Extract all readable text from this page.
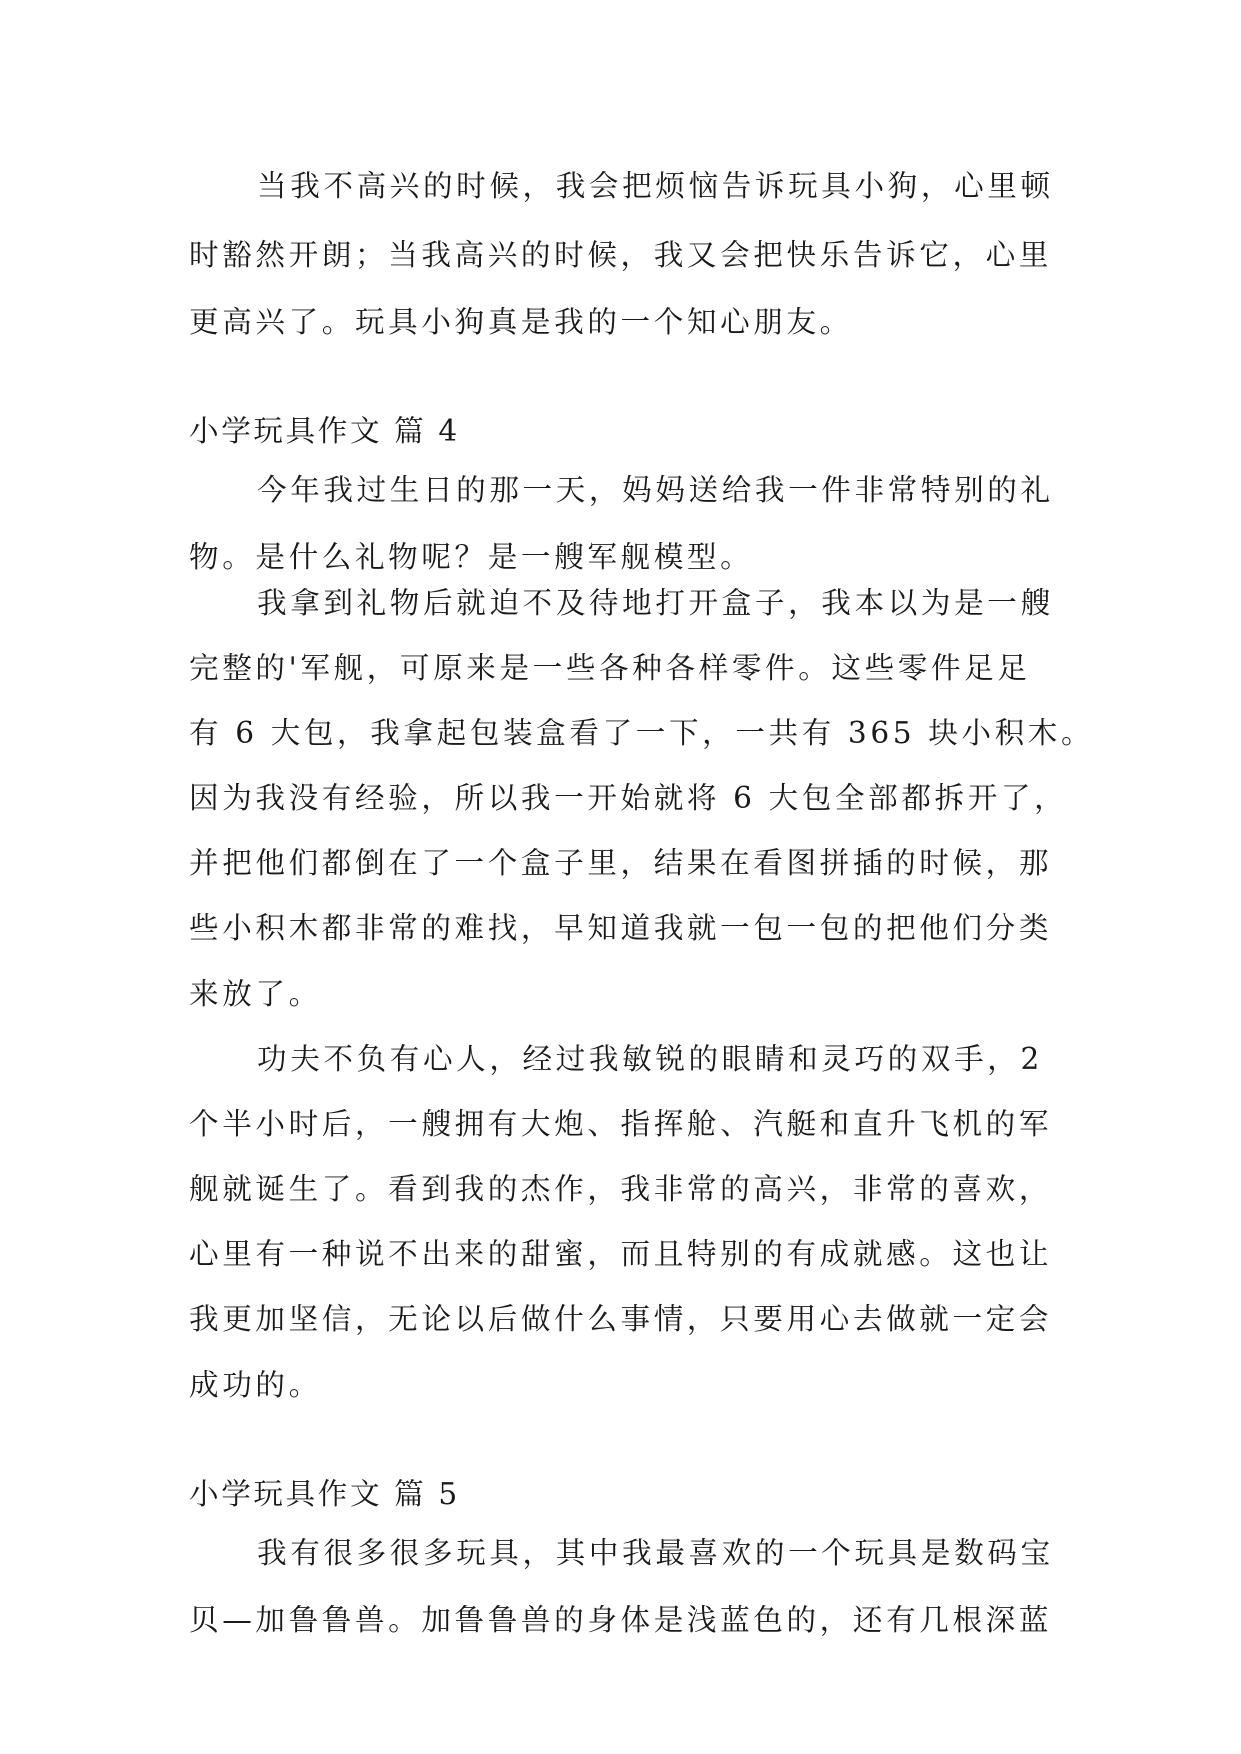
当我不高兴的时候，我会把烦恼告诉玩具小狗，心里顿
时豁然开朗；当我高兴的时候，我又会把快乐告诉它，心里
更高兴了。玩具小狗真是我的一个知心朋友。
小学玩具作文 篇 4
今年我过生日的那一天，妈妈送给我一件非常特别的礼
物。是什么礼物呢？是一艘军舰模型。
我拿到礼物后就迫不及待地打开盒子，我本以为是一艘
完整的'军舰，可原来是一些各种各样零件。这些零件足足
有 6 大包，我拿起包装盒看了一下，一共有 365 块小积木。
因为我没有经验，所以我一开始就将 6 大包全部都拆开了，
并把他们都倒在了一个盒子里，结果在看图拼插的时候，那
些小积木都非常的难找，早知道我就一包一包的把他们分类
来放了。
功夫不负有心人，经过我敏锐的眼睛和灵巧的双手，2
个半小时后，一艘拥有大炮、指挥舱、汽艇和直升飞机的军
舰就诞生了。看到我的杰作，我非常的高兴，非常的喜欢，
心里有一种说不出来的甜蜜，而且特别的有成就感。这也让
我更加坚信，无论以后做什么事情，只要用心去做就一定会
成功的。
小学玩具作文 篇 5
我有很多很多玩具，其中我最喜欢的一个玩具是数码宝
贝—加鲁鲁兽。加鲁鲁兽的身体是浅蓝色的，还有几根深蓝
